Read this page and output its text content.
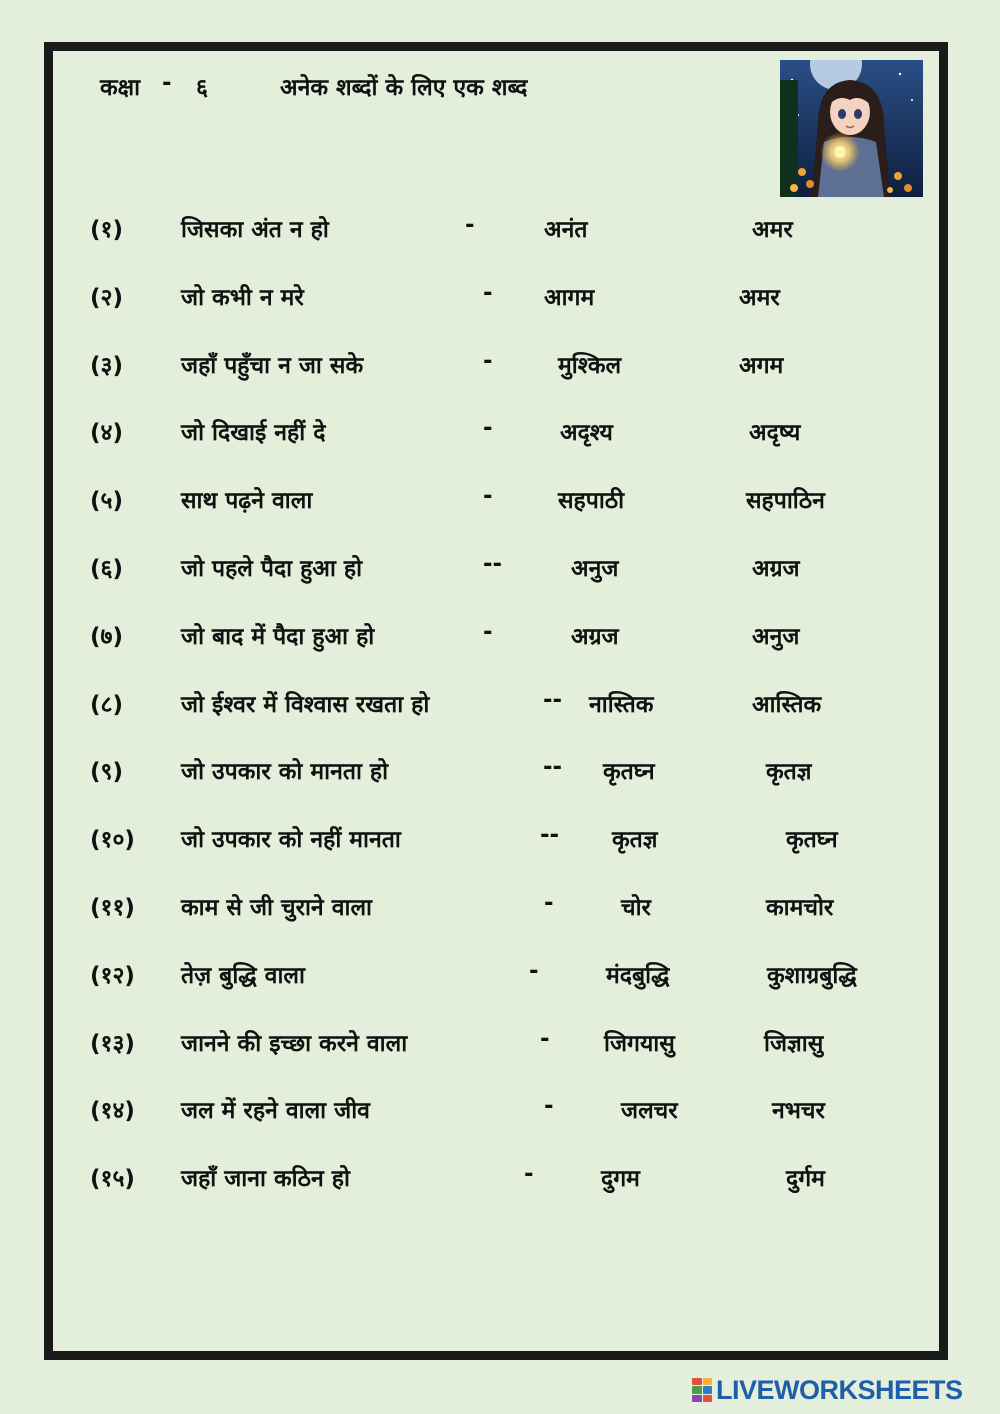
कक्षा - ६	अनेक शब्दों के लिए एक शब्द
(१)	जिसका अंत न हो	-	अनंत	अमर
(२)	जो कभी न मरे	- आगम	अमर
(३)	जहाँ पहुँचा न जा सके	-	मुश्किल	अगम
(४)	जो दिखाई नहीं दे	-	अदृश्य	अदृष्य
(५)	साथ पढ़ने वाला	-	सहपाठी	सहपाठिन
(६)	जो पहले पैदा हुआ हो	--	अनुज	अग्रज
(७)	जो बाद में पैदा हुआ हो	-	अग्रज	अनुज
(८)	जो ईश्वर में विश्वास रखता हो	-- नास्तिक	आस्तिक
(९)	जो उपकार को मानता हो	-- कृतघ्न	कृतज्ञ
(१०) जो उपकार को नहीं मानता	-- कृतज्ञ	कृतघ्न
(११) काम से जी चुराने वाला	-	चोर	कामचोर
(१२) तेज़ बुद्धि वाला	-	मंदबुद्धि	कुशाग्रबुद्धि
(१३) जानने की इच्छा करने वाला	- जिगयासु	जिज्ञासु
(१४) जल में रहने वाला जीव	-	जलचर	नभचर
(१५) जहाँ जाना कठिन हो	-	दुगम	दुर्गम
LIVEWORKSHEETS
